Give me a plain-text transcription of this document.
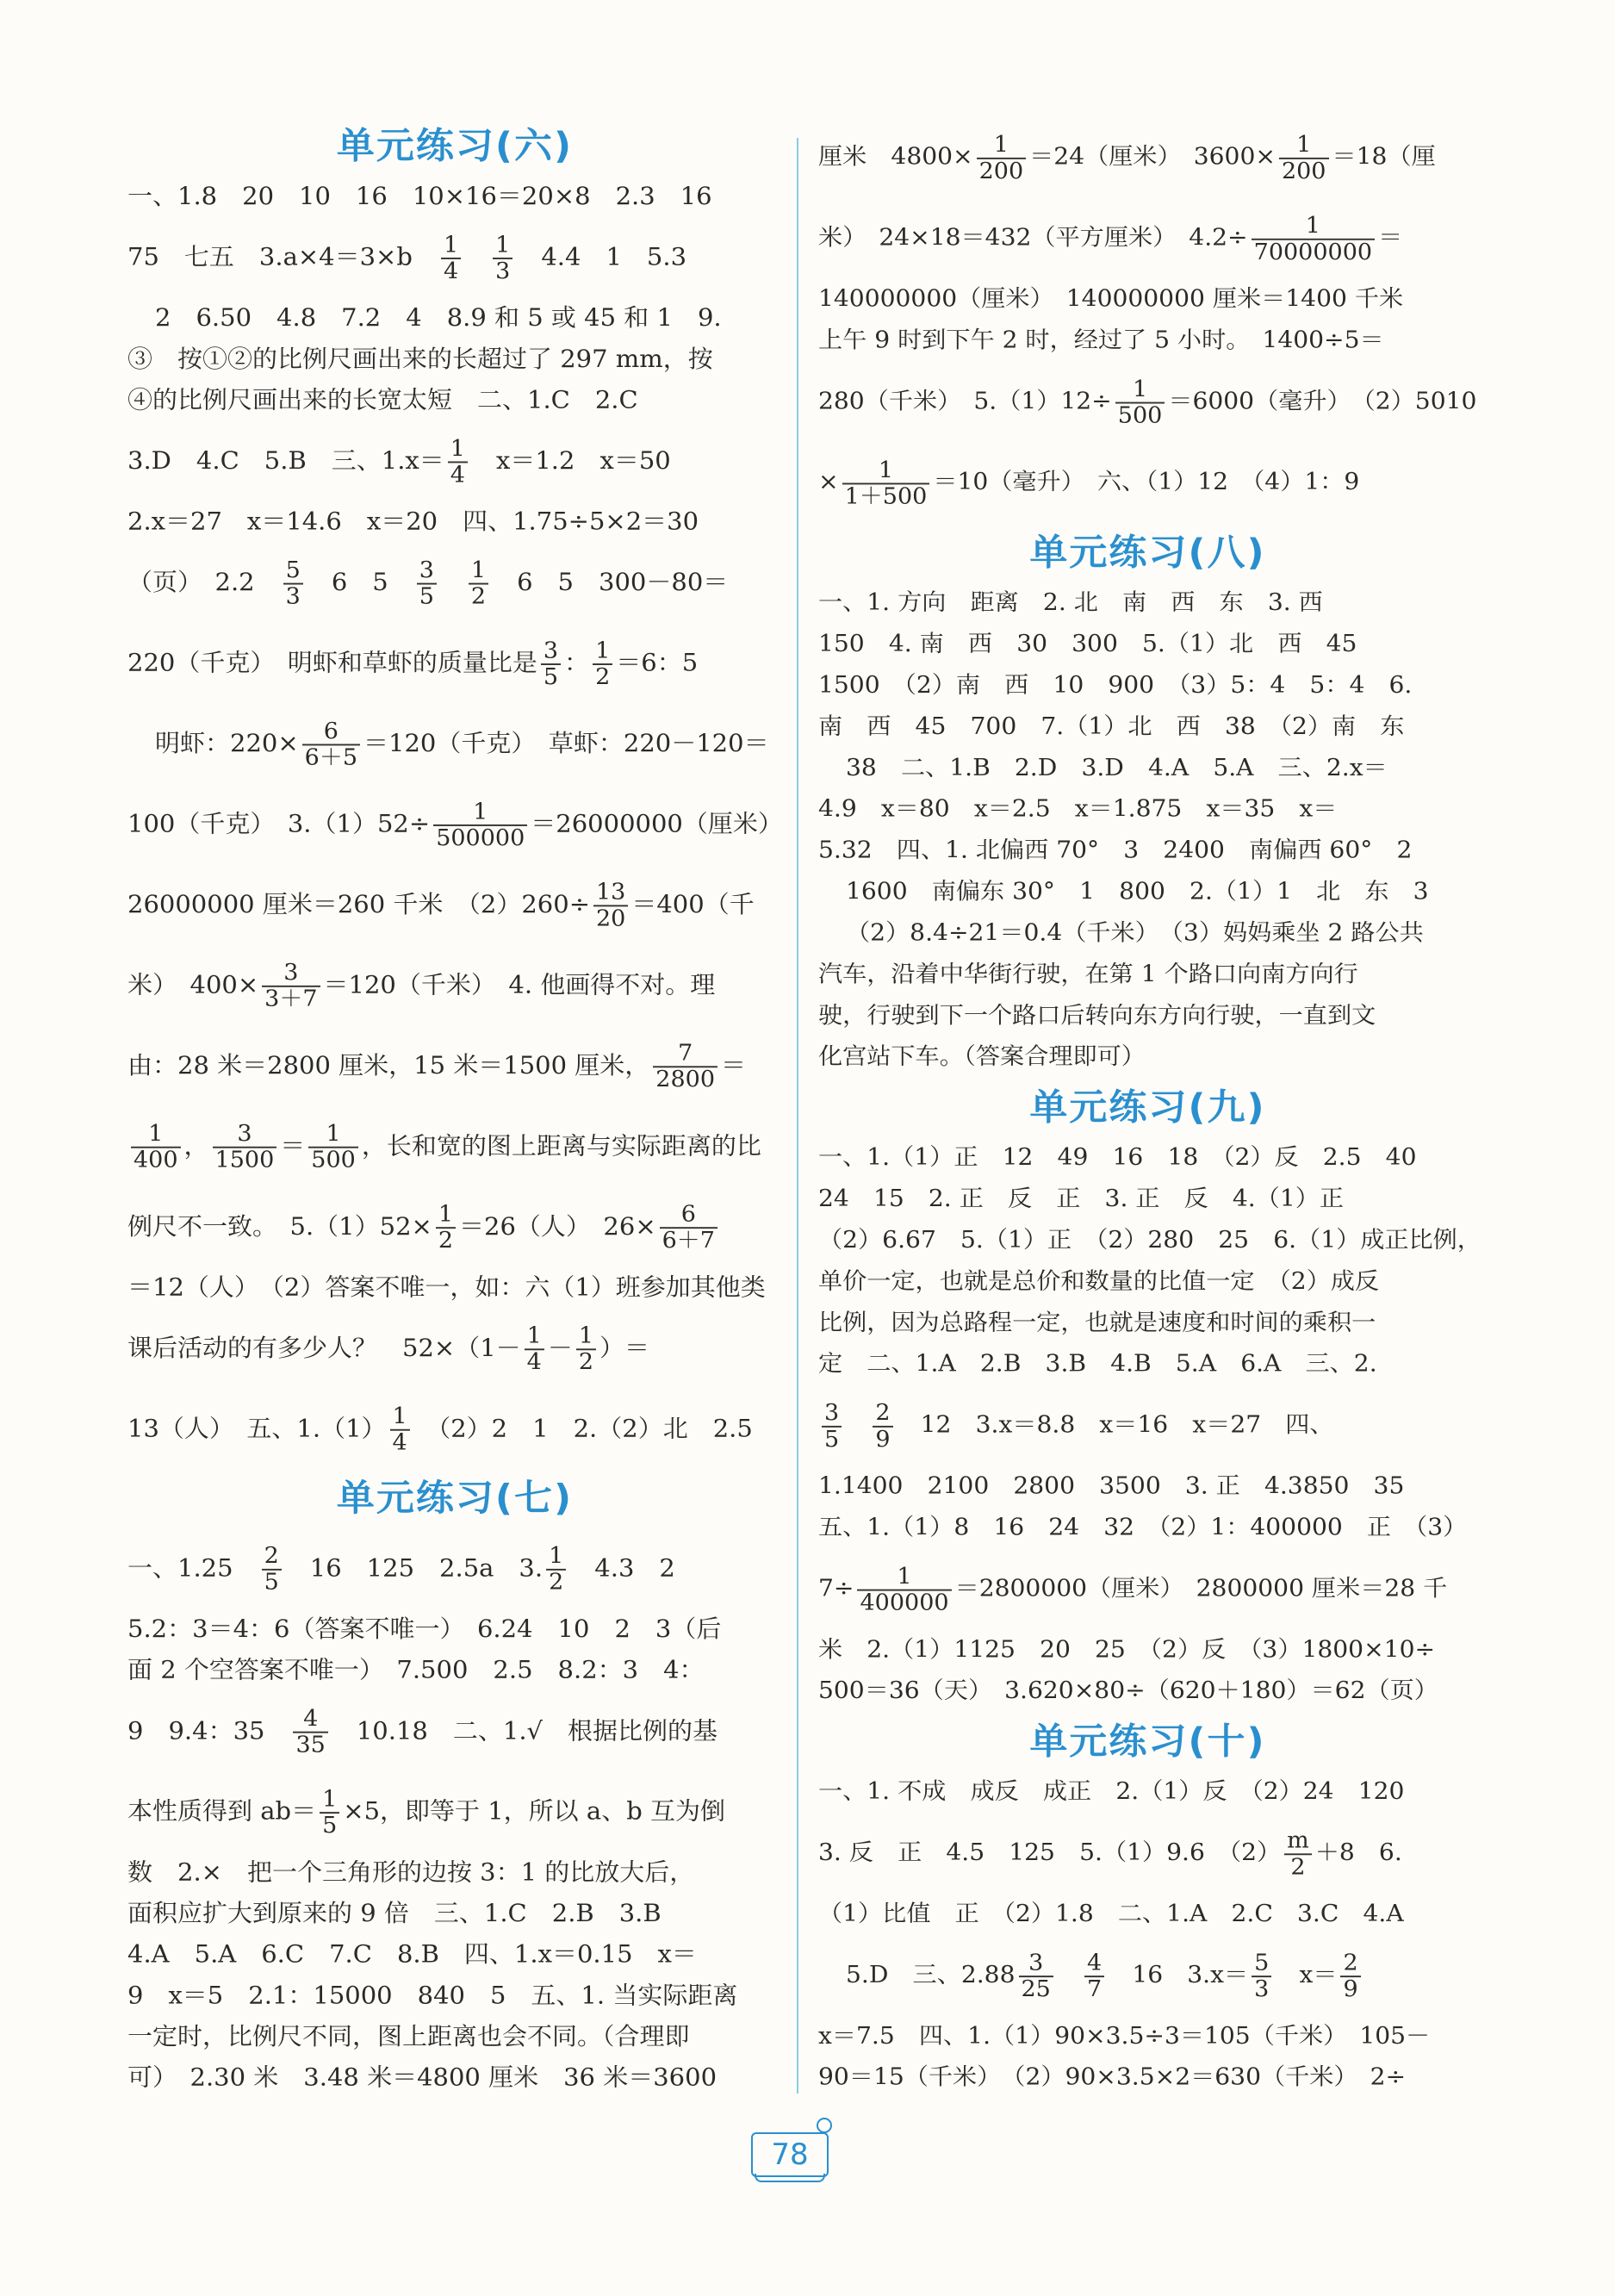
单元练习(六)
一、1.8　20　10　16　10×16＝20×8　2.3　16
75　七五　3.a×4＝3×b　 $\frac{1}{4}$
　 $\frac{1}{3}$ 　4.4　1　5.3
2　6.50　4.8　7.2　4　8.9 和 5 或 45 和 1　9.
③　按①②的比例尺画出来的长超过了 297 mm，按
④的比例尺画出来的长宽太短　二、1.C　2.C
3.D　4.C　5.B　三、$1.x= \frac{1}{4}$ 　x＝1.2　x＝50
2.x＝27　x＝14.6　x＝20　四、1.75÷5×2＝30
（页）　2.2　 $\frac{5}{3}$ 　6　5　 $\frac{3}{5}$
　 $\frac{1}{2}$ 　6　5　300－80＝
220（千克）　明虾和草虾的质量比是 $\frac{3}{5}$ ： $\frac{1}{2} =6$：5
明虾：$220\times \frac{6}{6+5} =120$（千克）　草虾：220－120＝
100（千克）　$3.(1)52\div \frac{1}{500000} =26000000$（厘米）
26000000 厘米＝260 千米　$(2)260\div \frac{13}{20} =400$（千
米）　$400\times \frac{3}{3+7} =120$（千米）　4. 他画得不对。理
由：28 米＝2800 厘米，15 米＝1500 厘米， $\frac{7}{2800}$ ＝
$\frac{1}{400}$ ， $\frac{3}{1500} = \frac{1}{500}$ ，长和宽的图上距离与实际距离的比
例尺不一致。　$5.(1)52\times \frac{1}{2} =26$（人）　$26\times \frac{6}{6+7}$
＝12（人）　（2）答案不唯一，如：六（1）班参加其他类
课后活动的有多少人？　$52\times(1- \frac{1}{4} - \frac{1}{2}$ ）＝
13（人）　五、$1.(1) \frac{1}{4}$ 　（2）2　1　2.（2）北　2.5
单元练习(七)
一、1.25　 $\frac{2}{5}$ 　16　125　2.5a　3. $\frac{1}{2}$ 　4.3　2
5.2：3＝4：6（答案不唯一）　6.24　10　2　3（后
面 2 个空答案不唯一）　7.500　2.5　8.2：3　4：
9　9.4：35　 $\frac{4}{35}$ 　10.18　二、1.√　根据比例的基
本性质得到 $ab= \frac{1}{5} \times 5$，即等于 1，所以 a、b 互为倒
数　2.×　把一个三角形的边按 3：1 的比放大后，
面积应扩大到原来的 9 倍　三、1.C　2.B　3.B
4.A　5.A　6.C　7.C　8.B　四、1.x＝0.15　x＝
9　x＝5　2.1：15000　840　5　五、1. 当实际距离
一定时，比例尺不同，图上距离也会不同。（合理即
可）　2.30 米　3.48 米＝4800 厘米　36 米＝3600
厘米　$4800\times \frac{1}{200} =24$（厘米）　$3600\times \frac{1}{200} =18$（厘
米）　24×18＝432（平方厘米）　$4.2\div \frac{1}{70000000}$ ＝
140000000（厘米）　140000000 厘米＝1400 千米
上午 9 时到下午 2 时，经过了 5 小时。　1400÷5＝
280（千米）　$5.(1)12\div \frac{1}{500} =6000$（毫升）　（2）5010
× $\frac{1}{1+500} =10$（毫升）　六、（1）12　（4）1：9
单元练习(八)
一、1. 方向　距离　2. 北　南　西　东　3. 西
150　4. 南　西　30　300　5.（1）北　西　45
1500　（2）南　西　10　900　（3）5：4　5：4　6.
南　西　45　700　7.（1）北　西　38　（2）南　东
38　二、1.B　2.D　3.D　4.A　5.A　三、2.x＝
4.9　x＝80　x＝2.5　x＝1.875　x＝35　x＝
5.32　四、1. 北偏西 70°　3　2400　南偏西 60°　2
1600　南偏东 30°　1　800　2.（1）1　北　东　3
（2）8.4÷21＝0.4（千米）　（3）妈妈乘坐 2 路公共
汽车，沿着中华街行驶，在第 1 个路口向南方向行
驶，行驶到下一个路口后转向东方向行驶，一直到文
化宫站下车。（答案合理即可）
单元练习(九)
一、1.（1）正　12　49　16　18　（2）反　2.5　40
24　15　2. 正　反　正　3. 正　反　4.（1）正
（2）6.67　5.（1）正　（2）280　25　6.（1）成正比例，
单价一定，也就是总价和数量的比值一定　（2）成反
比例，因为总路程一定，也就是速度和时间的乘积一
定　二、1.A　2.B　3.B　4.B　5.A　6.A　三、2.
$\frac{3}{5}$
　 $\frac{2}{9}$ 　12　3.x＝8.8　x＝16　x＝27　四、
1.1400　2100　2800　3500　3. 正　4.3850　35
五、1.（1）8　16　24　32　（2）1：400000　正　（3）
$7\div \frac{1}{400000} =2800000$（厘米）　2800000 厘米＝28 千
米　2.（1）1125　20　25　（2）反　（3）1800×10÷
500＝36（天）　3.620×80÷（620＋180）＝62（页）
单元练习(十)
一、1. 不成　成反　成正　2.（1）反　（2）24　120
3. 反　正　4.5　125　5.（1）9.6　$(2) \frac{m}{2} +8$　6.
（1）比值　正　（2）1.8　二、1.A　2.C　3.C　4.A
5.D　三、$2.88 \frac{3}{25}$
　 $\frac{4}{7}$ 　16　$3.x= \frac{5}{3}$ 　$x= \frac{2}{9}$
x＝7.5　四、1.（1）90×3.5÷3＝105（千米）　105－
90＝15（千米）　（2）90×3.5×2＝630（千米）　2÷
78
